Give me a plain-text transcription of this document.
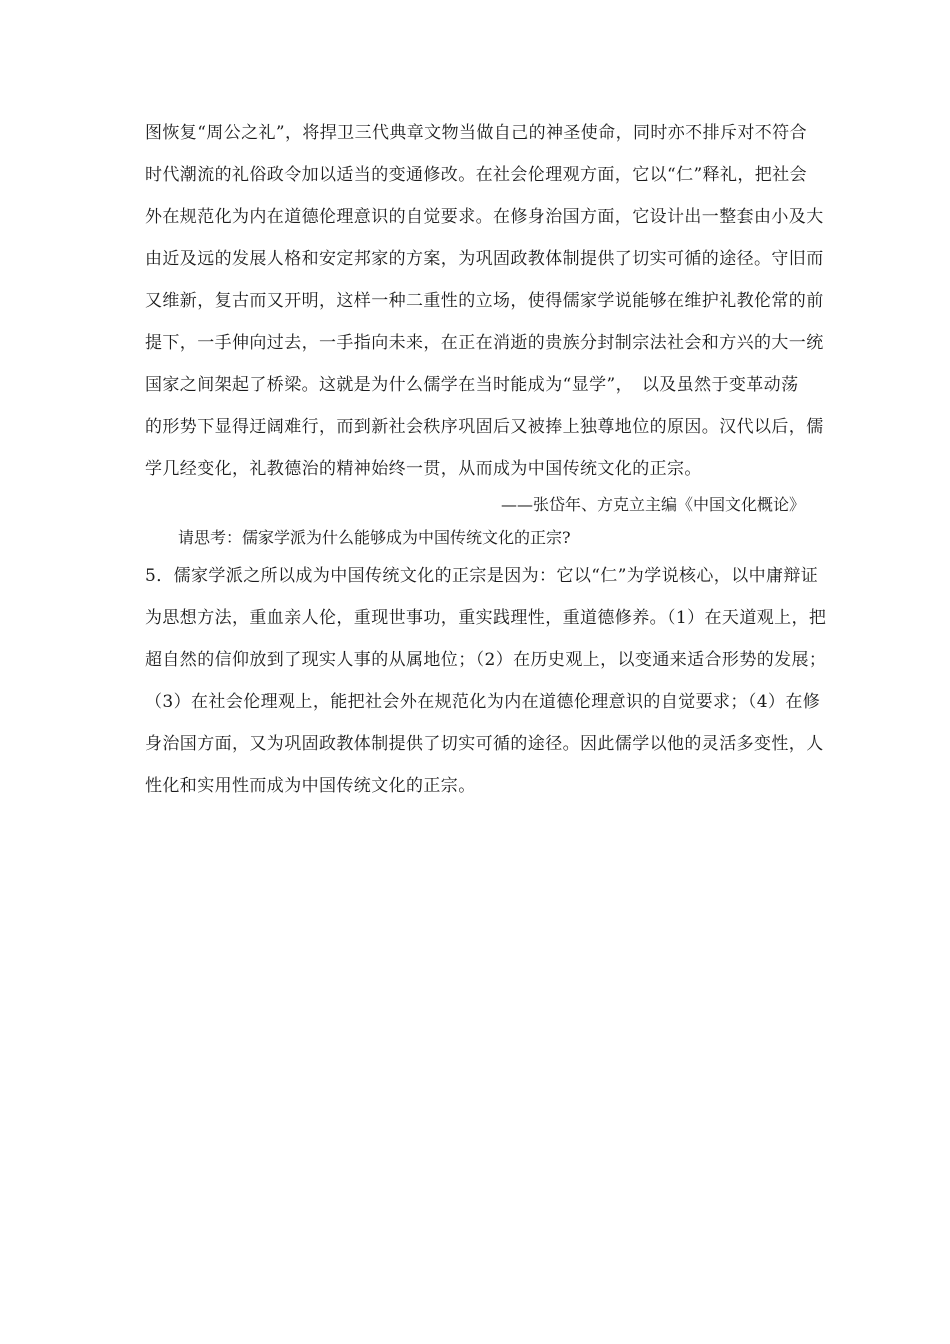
图恢复“周公之礼”，将捍卫三代典章文物当做自己的神圣使命，同时亦不排斥对不符合
时代潮流的礼俗政令加以适当的变通修改。在社会伦理观方面，它以“仁”释礼，把社会
外在规范化为内在道德伦理意识的自觉要求。在修身治国方面，它设计出一整套由小及大
由近及远的发展人格和安定邦家的方案，为巩固政教体制提供了切实可循的途径。守旧而
又维新，复古而又开明，这样一种二重性的立场，使得儒家学说能够在维护礼教伦常的前
提下，一手伸向过去，一手指向未来，在正在消逝的贵族分封制宗法社会和方兴的大一统
国家之间架起了桥梁。这就是为什么儒学在当时能成为“显学”，　以及虽然于变革动荡
的形势下显得迂阔难行，而到新社会秩序巩固后又被捧上独尊地位的原因。汉代以后，儒
学几经变化，礼教德治的精神始终一贯，从而成为中国传统文化的正宗。
——张岱年、方克立主编《中国文化概论》
请思考：儒家学派为什么能够成为中国传统文化的正宗?
5．儒家学派之所以成为中国传统文化的正宗是因为：它以“仁”为学说核心，以中庸辩证
为思想方法，重血亲人伦，重现世事功，重实践理性，重道德修养。（1）在天道观上，把
超自然的信仰放到了现实人事的从属地位；（2）在历史观上，以变通来适合形势的发展；
（3）在社会伦理观上，能把社会外在规范化为内在道德伦理意识的自觉要求；（4）在修
身治国方面，又为巩固政教体制提供了切实可循的途径。因此儒学以他的灵活多变性，人
性化和实用性而成为中国传统文化的正宗。
